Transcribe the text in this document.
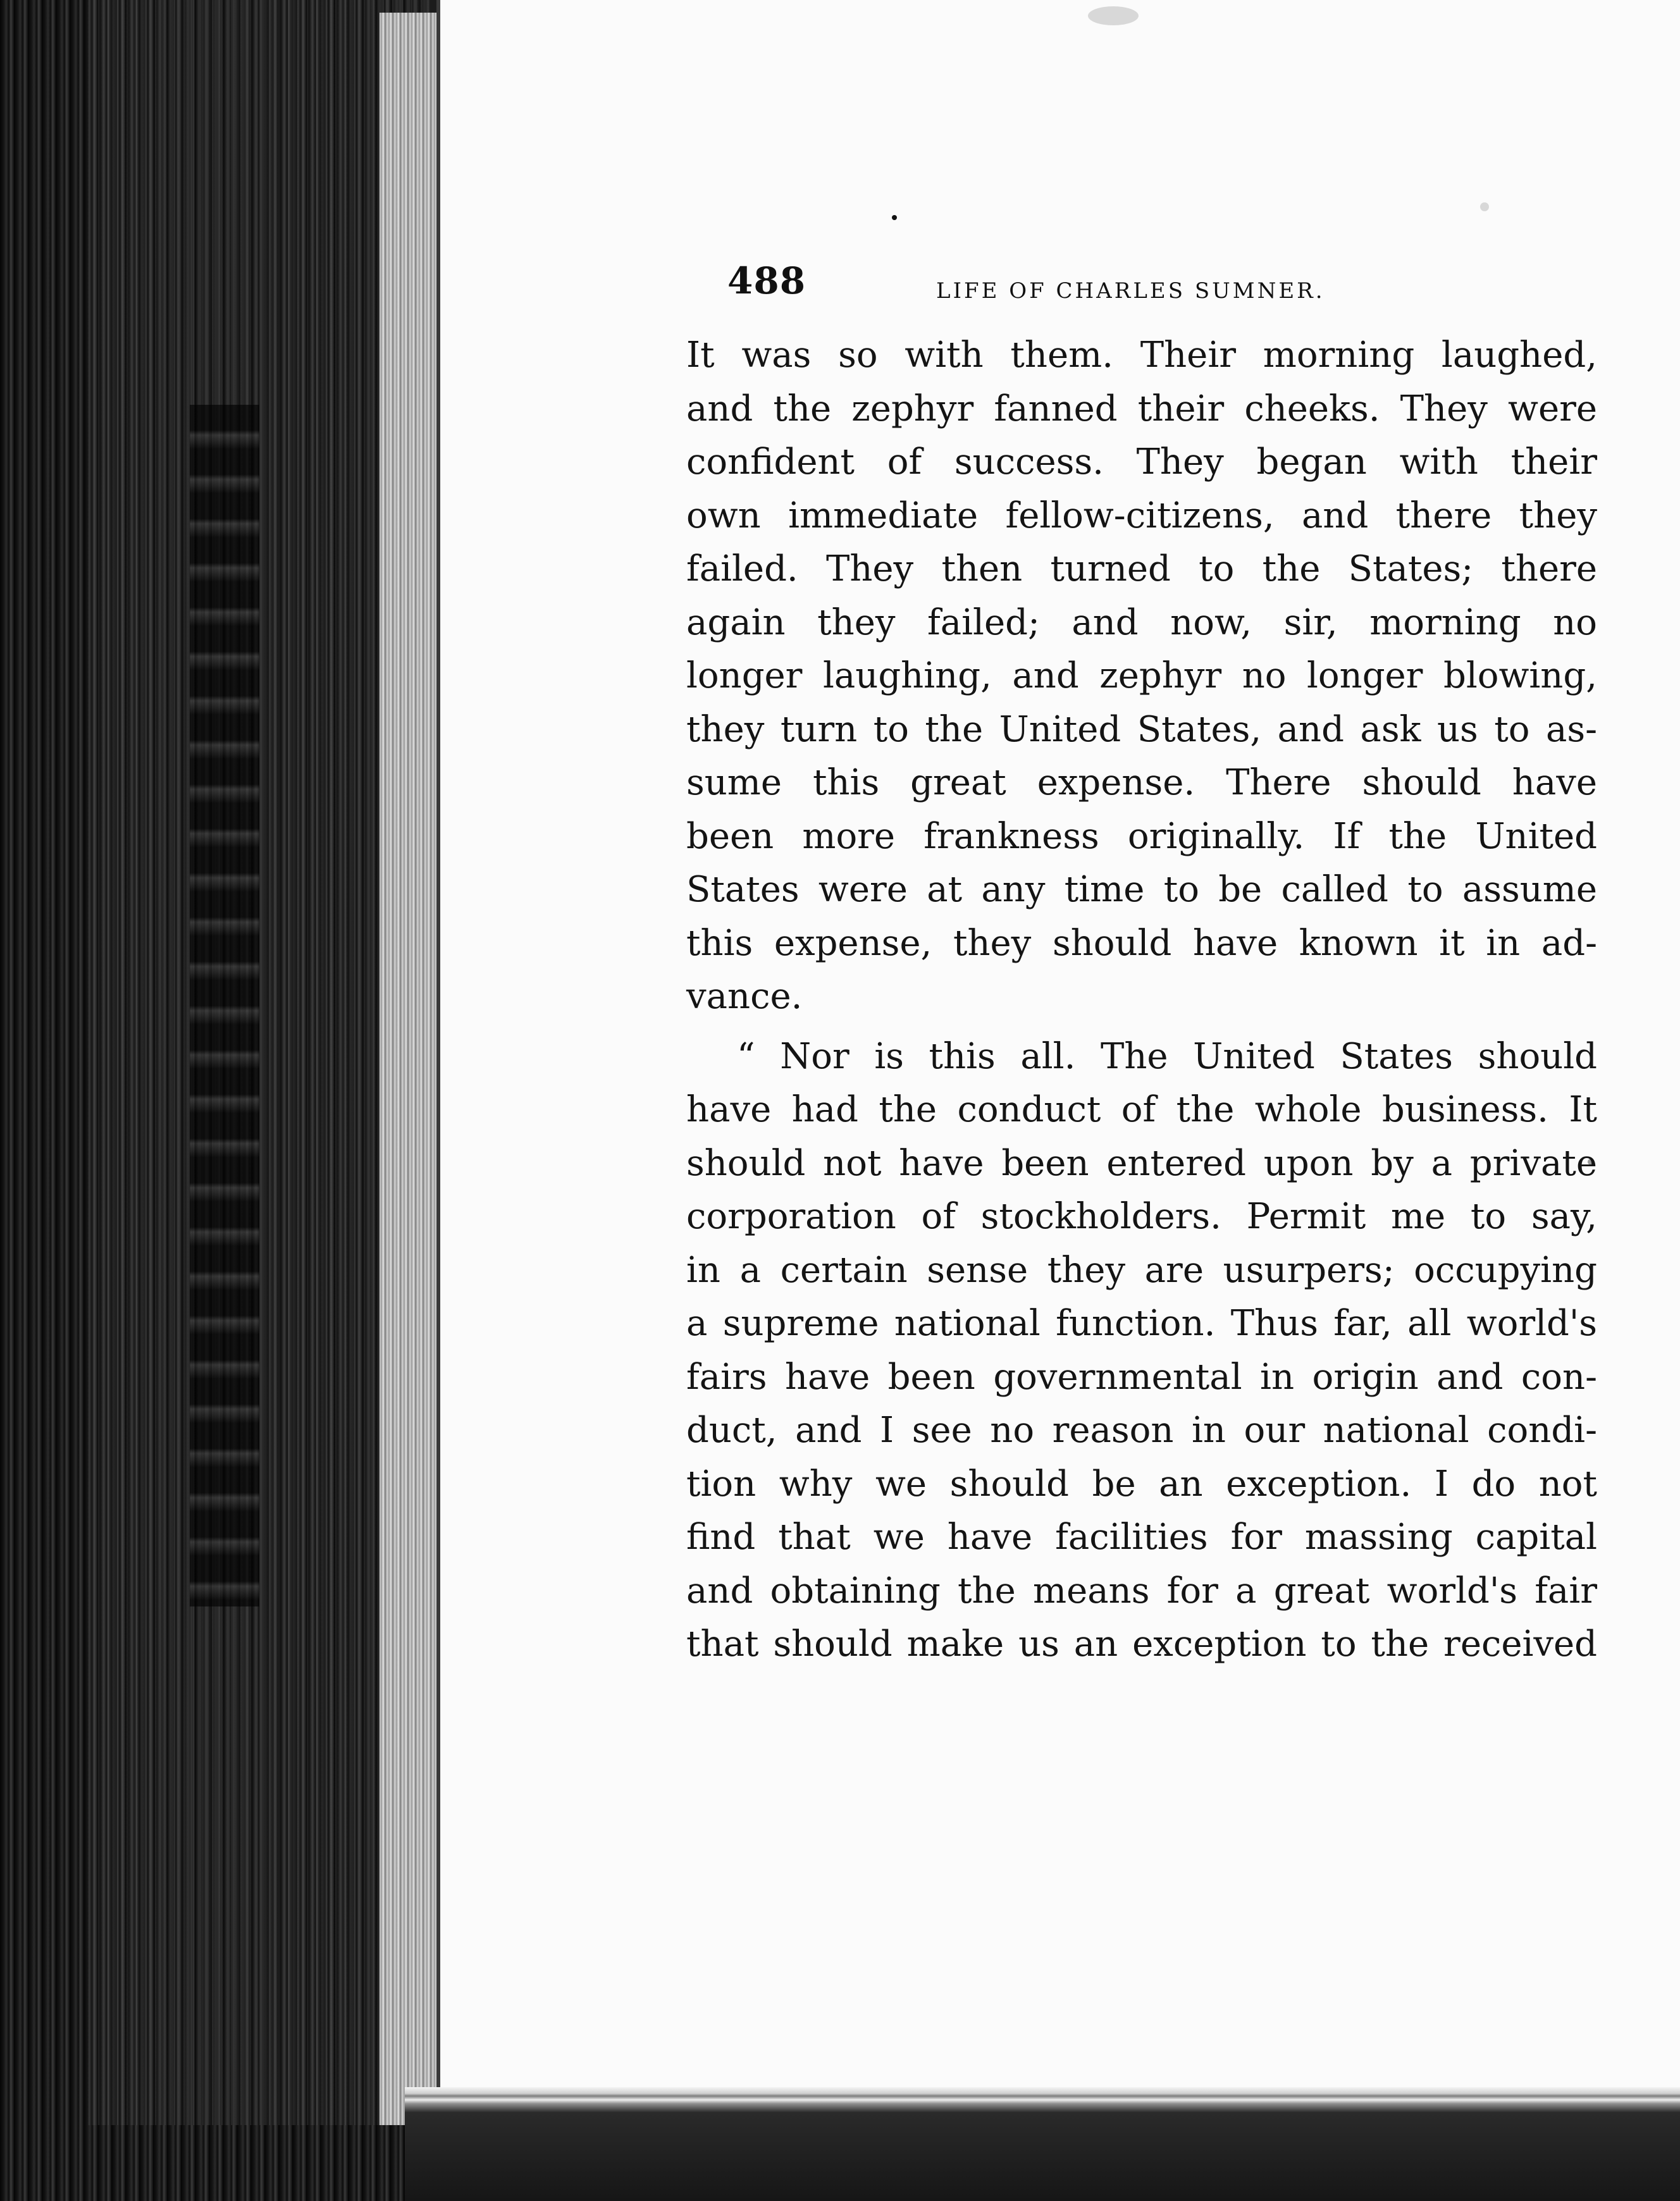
488	LIFE OF CHARLES SUMNER.
It was so with them. Their morning laughed,
and the zephyr fanned their cheeks. They were
confident of success. They began with their
own immediate fellow-citizens, and there they
failed. They then turned to the States; there
again they failed; and now, sir, morning no
longer laughing, and zephyr no longer blowing,
they turn to the United States, and ask us to as-
sume this great expense. There should have
been more frankness originally. If the United
States were at any time to be called to assume
this expense, they should have known it in ad-
vance.
“ Nor is this all. The United States should
have had the conduct of the whole business. It
should not have been entered upon by a private
corporation of stockholders. Permit me to say,
in a certain sense they are usurpers; occupying
a supreme national function. Thus far, all world's
fairs have been governmental in origin and con-
duct, and I see no reason in our national condi-
tion why we should be an exception. I do not
find that we have facilities for massing capital
and obtaining the means for a great world's fair
that should make us an exception to the received
